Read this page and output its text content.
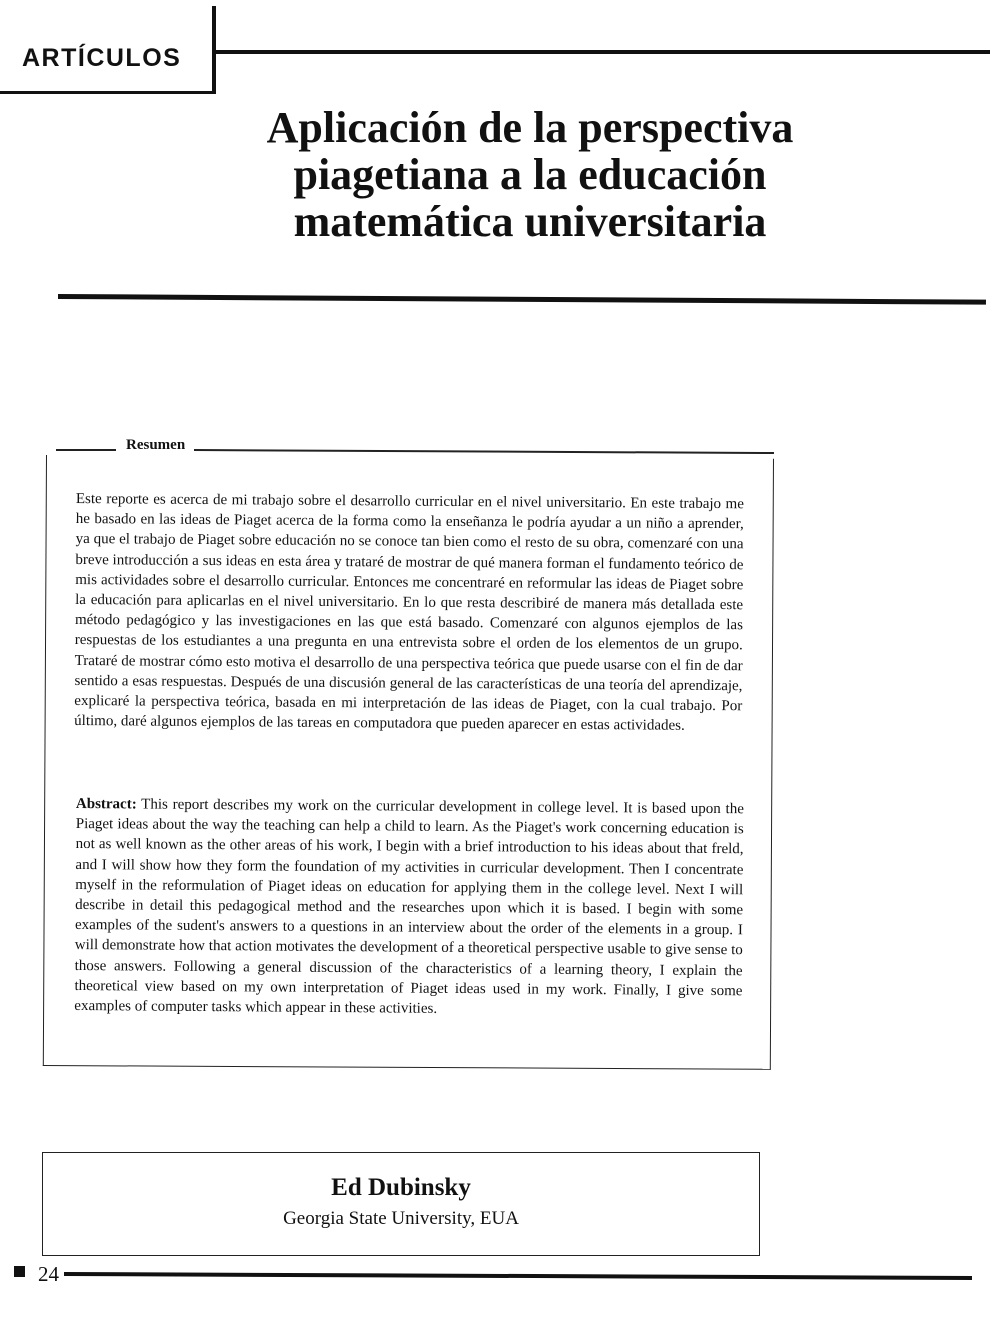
ARTÍCULOS
Aplicación de la perspectiva
piagetiana a la educación
matemática universitaria
Resumen
Este reporte es acerca de mi trabajo sobre el desarrollo curricular en el nivel universitario. En este trabajo me he basado en las ideas de Piaget acerca de la forma como la enseñanza le podría ayudar a un niño a aprender, ya que el trabajo de Piaget sobre educación no se conoce tan bien como el resto de su obra, comenzaré con una breve introducción a sus ideas en esta área y trataré de mostrar de qué manera forman el fundamento teórico de mis actividades sobre el desarrollo curricular. Entonces me concentraré en reformular las ideas de Piaget sobre la educación para aplicarlas en el nivel universitario. En lo que resta describiré de manera más detallada este método pedagógico y las investigaciones en las que está basado. Comenzaré con algunos ejemplos de las respuestas de los estudiantes a una pregunta en una entrevista sobre el orden de los elementos de un grupo. Trataré de mostrar cómo esto motiva el desarrollo de una perspectiva teórica que puede usarse con el fin de dar sentido a esas respuestas. Después de una discusión general de las características de una teoría del aprendizaje, explicaré la perspectiva teórica, basada en mi interpretación de las ideas de Piaget, con la cual trabajo. Por último, daré algunos ejemplos de las tareas en computadora que pueden aparecer en estas actividades.
Abstract: This report describes my work on the curricular development in college level. It is based upon the Piaget ideas about the way the teaching can help a child to learn. As the Piaget's work concerning education is not as well known as the other areas of his work, I begin with a brief introduction to his ideas about that freld, and I will show how they form the foundation of my activities in curricular development. Then I concentrate myself in the reformulation of Piaget ideas on education for applying them in the college level. Next I will describe in detail this pedagogical method and the researches upon which it is based. I begin with some examples of the sudent's answers to a questions in an interview about the order of the elements in a group. I will demonstrate how that action motivates the development of a theoretical perspective usable to give sense to those answers. Following a general discussion of the characteristics of a learning theory, I explain the theoretical view based on my own interpretation of Piaget ideas used in my work. Finally, I give some examples of computer tasks which appear in these activities.
Ed Dubinsky
Georgia State University, EUA
24
